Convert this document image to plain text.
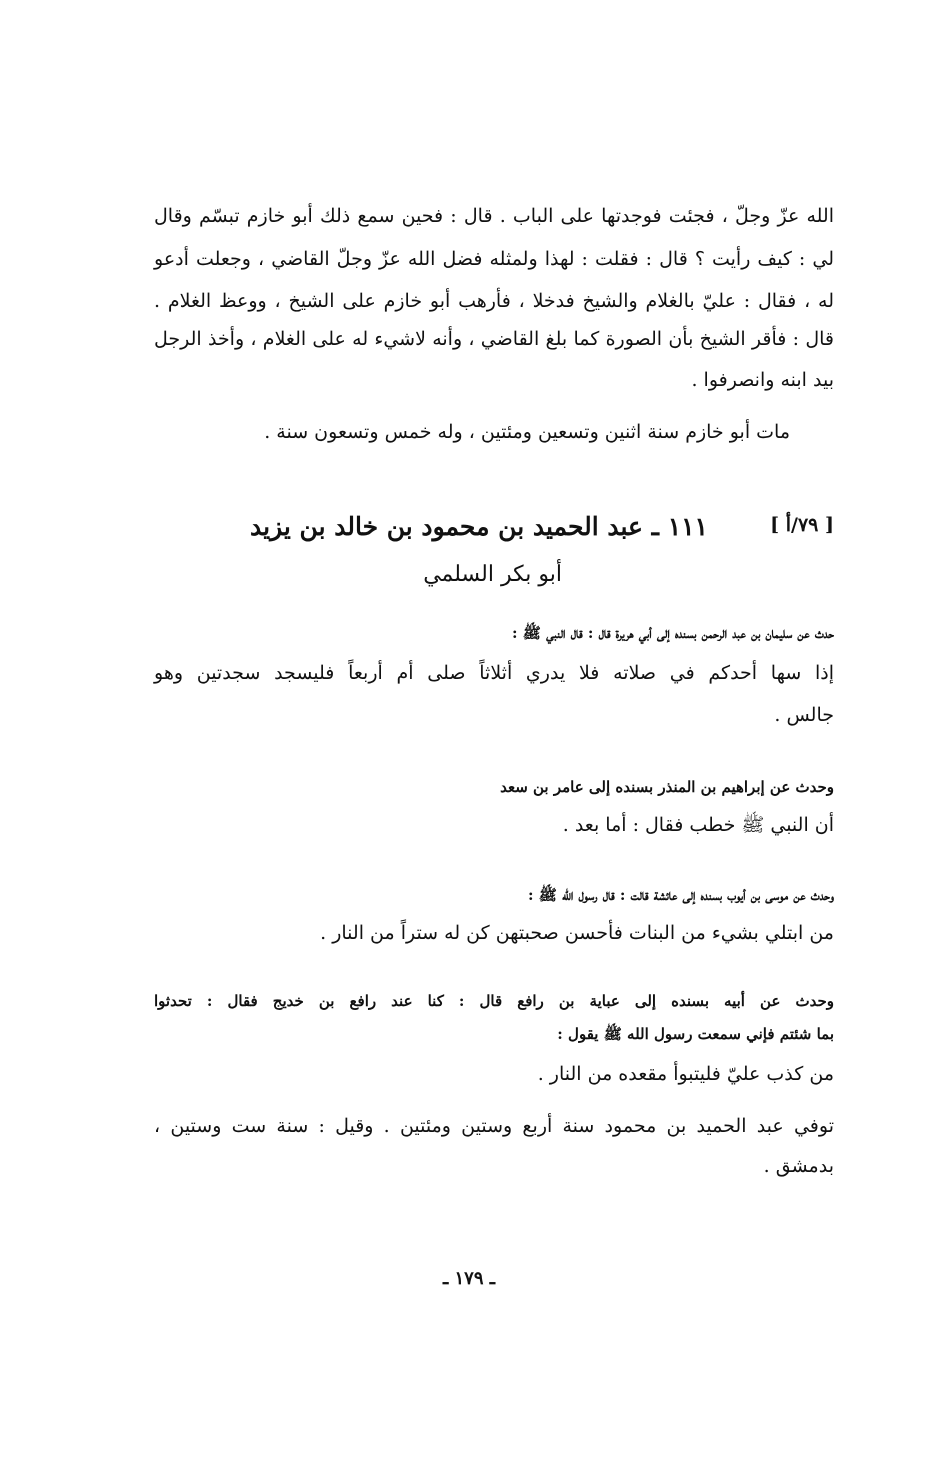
الله عزّ وجلّ ، فجئت فوجدتها على الباب . قال : فحين سمع ذلك أبو خازم تبسّم وقال
لي : كيف رأيت ؟ قال : فقلت : لهذا ولمثله فضل الله عزّ وجلّ القاضي ، وجعلت أدعو
له ، فقال : عليّ بالغلام والشيخ فدخلا ، فأرهب أبو خازم على الشيخ ، ووعظ الغلام .
قال : فأقر الشيخ بأن الصورة كما بلغ القاضي ، وأنه لاشيء له على الغلام ، وأخذ الرجل
بيد ابنه وانصرفوا .
مات أبو خازم سنة اثنين وتسعين ومئتين ، وله خمس وتسعون سنة .
[ ٧٩/أ ]
١١١ ـ عبد الحميد بن محمود بن خالد بن يزيد
أبو بكر السلمي
حدث عن سليمان بن عبد الرحمن بسنده إلى أبي هريرة قال : قال النبي ﷺ :
إذا سها أحدكم في صلاته فلا يدري أثلاثاً صلى أم أربعاً فليسجد سجدتين وهو
جالس .
وحدث عن إبراهيم بن المنذر بسنده إلى عامر بن سعد
أن النبي ﷺ خطب فقال : أما بعد .
وحدث عن موسى بن أيوب بسنده إلى عائشة قالت : قال رسول الله ﷺ :
من ابتلي بشيء من البنات فأحسن صحبتهن كن له ستراً من النار .
وحدث عن أبيه بسنده إلى عباية بن رافع قال : كنا عند رافع بن خديج فقال : تحدثوا
بما شئتم فإني سمعت رسول الله ﷺ يقول :
من كذب عليّ فليتبوأ مقعده من النار .
توفي عبد الحميد بن محمود سنة أربع وستين ومئتين . وقيل : سنة ست وستين ،
بدمشق .
ـ ١٧٩ ـ
